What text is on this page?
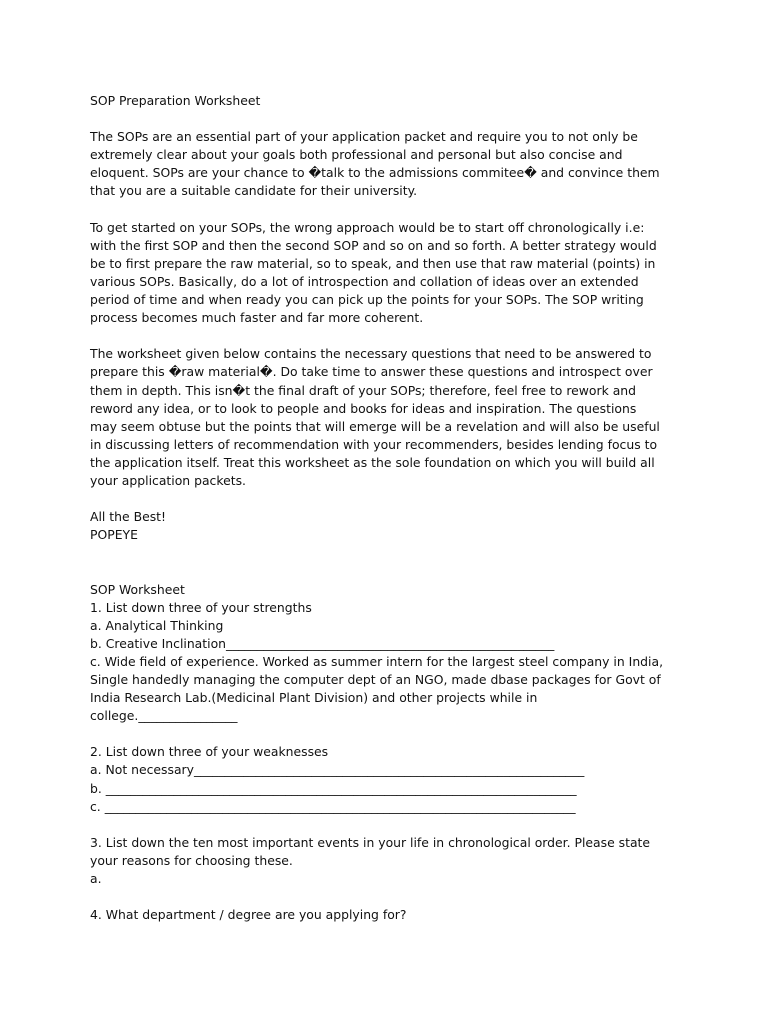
SOP Preparation Worksheet

The SOPs are an essential part of your application packet and require you to not only be

extremely clear about your goals both professional and personal but also concise and

eloquent. SOPs are your chance to �talk to the admissions commitee� and convince them

that you are a suitable candidate for their university.

To get started on your SOPs, the wrong approach would be to start off chronologically i.e:

with the first SOP and then the second SOP and so on and so forth. A better strategy would

be to first prepare the raw material, so to speak, and then use that raw material (points) in

various SOPs. Basically, do a lot of introspection and collation of ideas over an extended

period of time and when ready you can pick up the points for your SOPs. The SOP writing

process becomes much faster and far more coherent.

The worksheet given below contains the necessary questions that need to be answered to

prepare this �raw material�. Do take time to answer these questions and introspect over

them in depth. This isn�t the final draft of your SOPs; therefore, feel free to rework and

reword any idea, or to look to people and books for ideas and inspiration. The questions

may seem obtuse but the points that will emerge will be a revelation and will also be useful

in discussing letters of recommendation with your recommenders, besides lending focus to

the application itself. Treat this worksheet as the sole foundation on which you will build all

your application packets.

All the Best!

POPEYE

SOP Worksheet

1. List down three of your strengths

a. Analytical Thinking

b. Creative Inclination_____________________________________________________

c. Wide field of experience. Worked as summer intern for the largest steel company in India,

Single handedly managing the computer dept of an NGO, made dbase packages for Govt of

India Research Lab.(Medicinal Plant Division) and other projects while in

college.________________

2. List down three of your weaknesses

a. Not necessary_______________________________________________________________

b. ____________________________________________________________________________

c. ____________________________________________________________________________

3. List down the ten most important events in your life in chronological order. Please state

your reasons for choosing these.

a.

4. What department / degree are you applying for?
